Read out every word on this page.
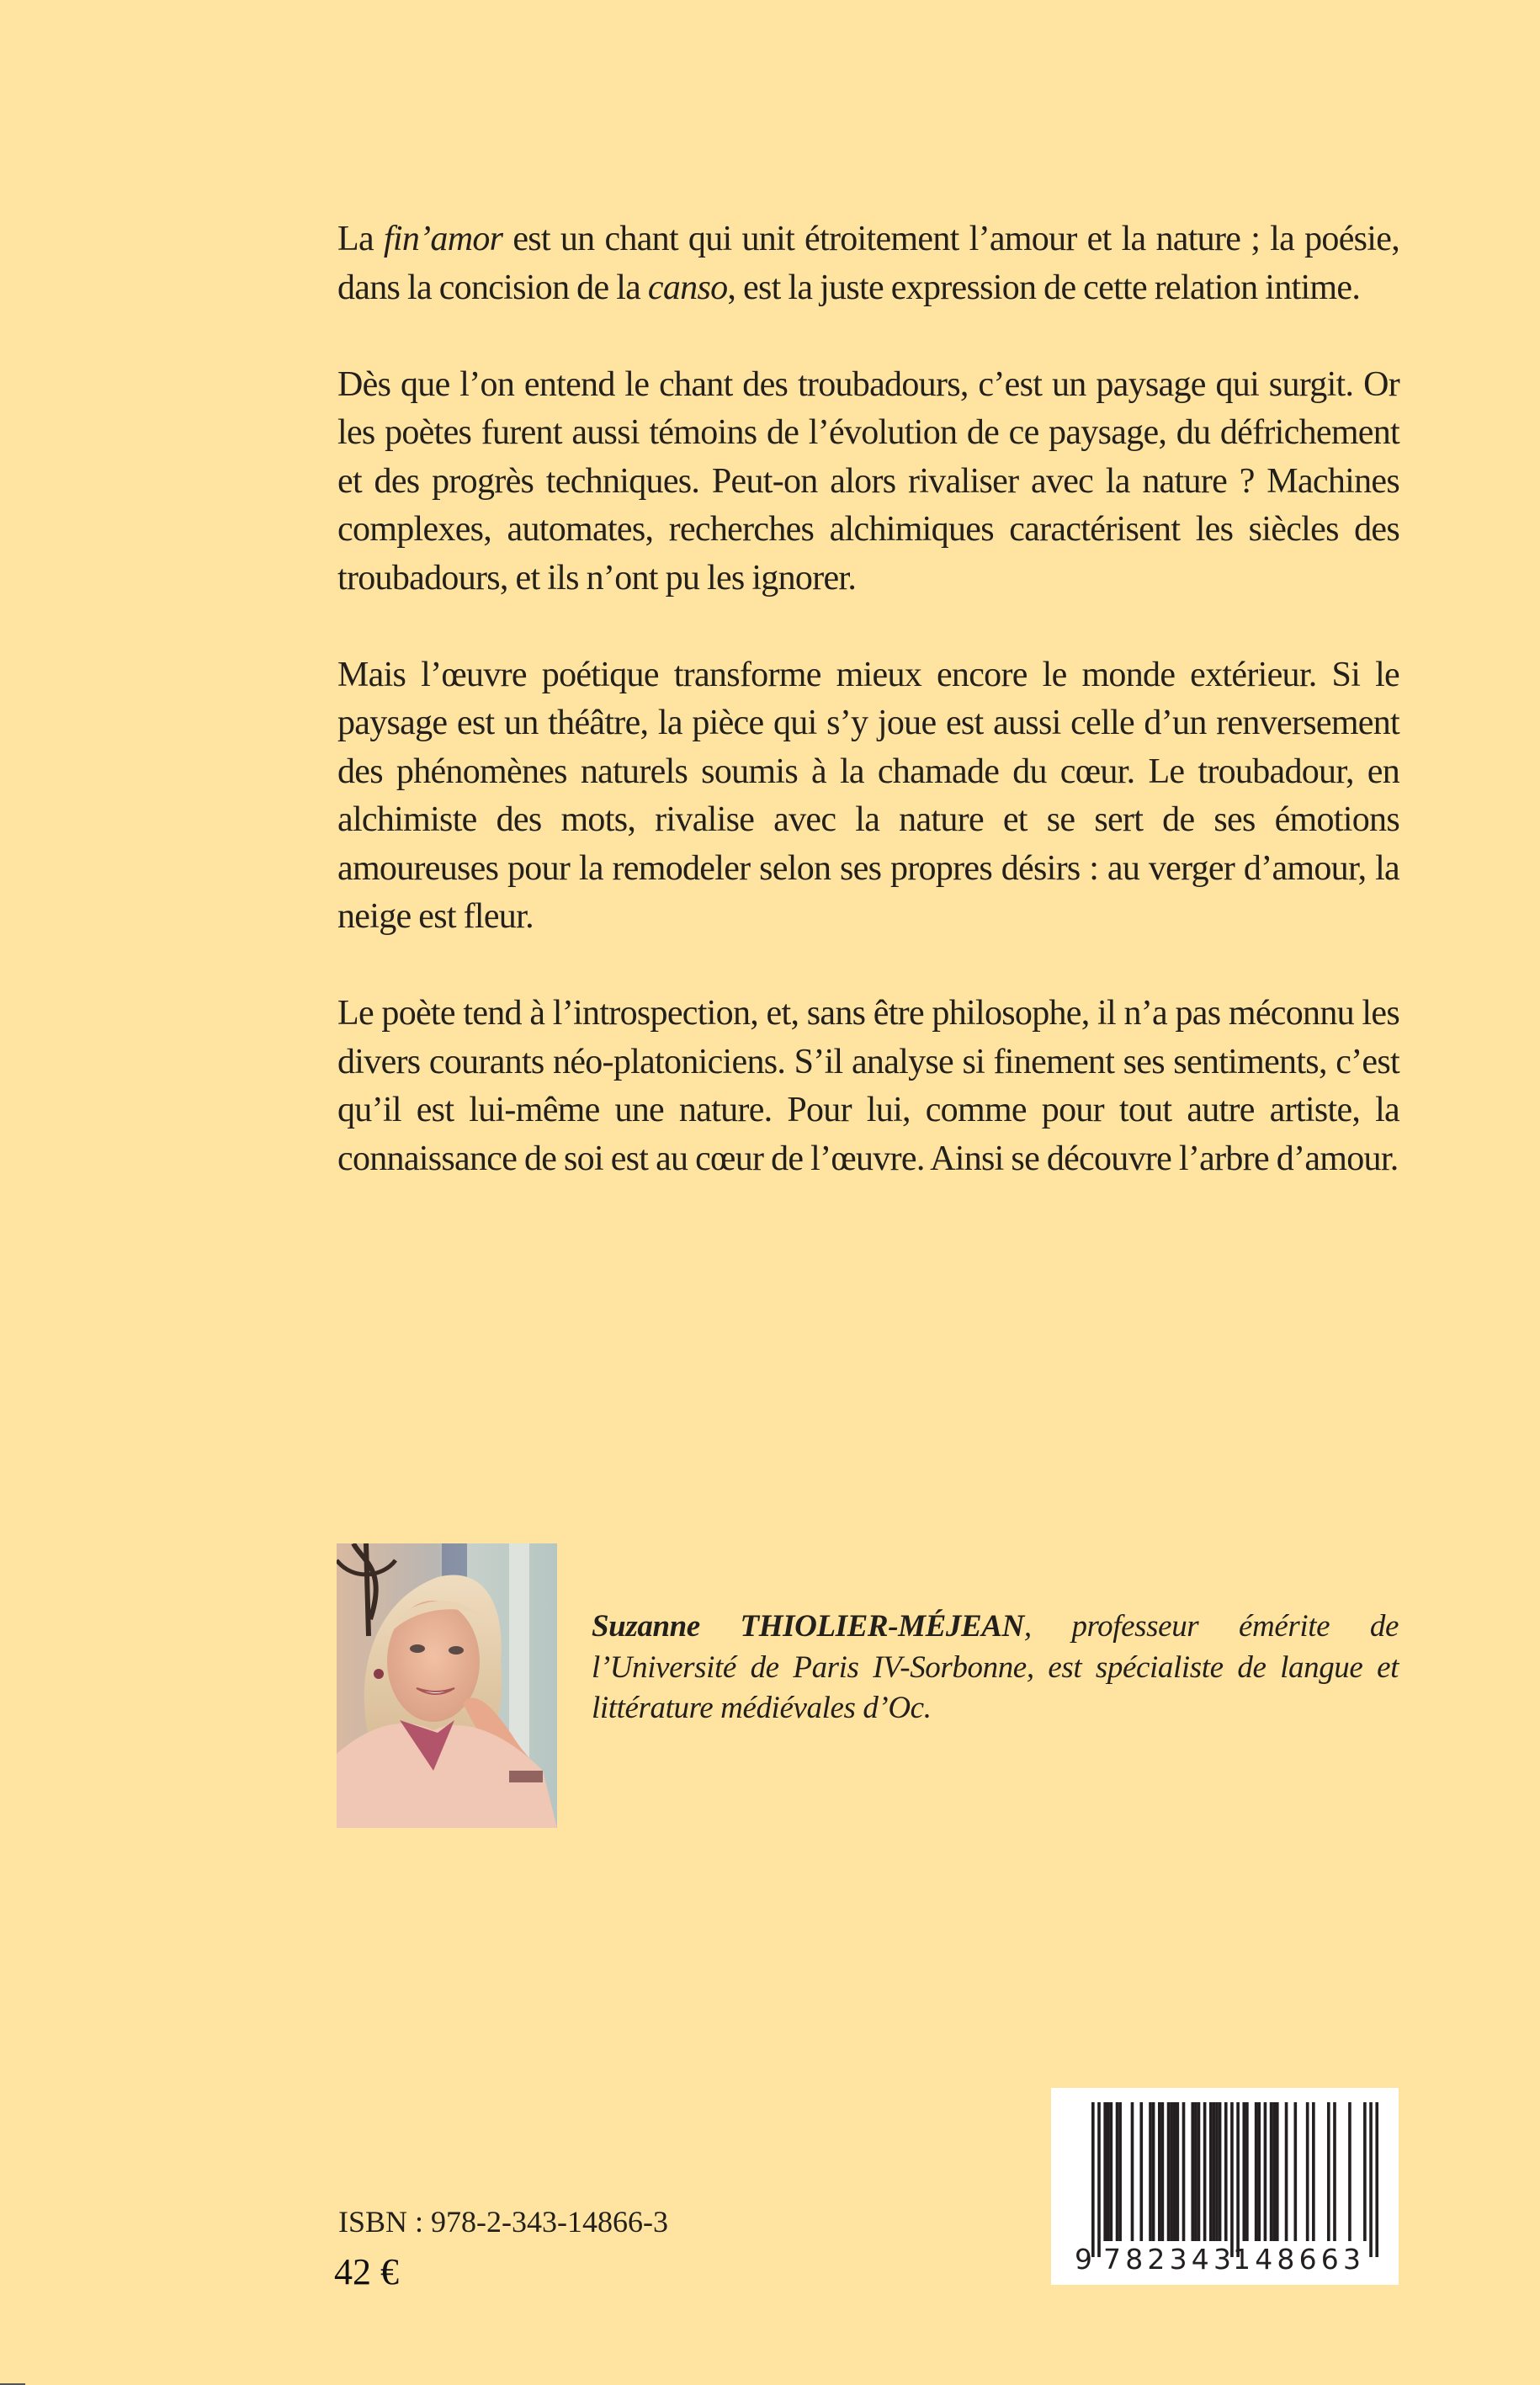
La fin’amor est un chant qui unit étroitement l’amour et la nature ; la poésie, dans la concision de la canso, est la juste expression de cette relation intime.

Dès que l’on entend le chant des troubadours, c’est un paysage qui surgit. Or les poètes furent aussi témoins de l’évolution de ce paysage, du défrichement et des progrès techniques. Peut-on alors rivaliser avec la nature ? Machines complexes, automates, recherches alchimiques caractérisent les siècles des troubadours, et ils n’ont pu les ignorer.

Mais l’œuvre poétique transforme mieux encore le monde extérieur. Si le paysage est un théâtre, la pièce qui s’y joue est aussi celle d’un renversement des phénomènes naturels soumis à la chamade du cœur. Le troubadour, en alchimiste des mots, rivalise avec la nature et se sert de ses émotions amoureuses pour la remodeler selon ses propres désirs : au verger d’amour, la neige est fleur.

Le poète tend à l’introspection, et, sans être philosophe, il n’a pas méconnu les divers courants néo-platoniciens. S’il analyse si finement ses sentiments, c’est qu’il est lui-même une nature. Pour lui, comme pour tout autre artiste, la connaissance de soi est au cœur de l’œuvre. Ainsi se découvre l’arbre d’amour.

Suzanne THIOLIER-MÉJEAN, professeur émérite de l’Université de Paris IV-Sorbonne, est spécialiste de langue et littérature médiévales d’Oc.
ISBN : 978-2-343-14866-3
42 €	9 782343 148663
